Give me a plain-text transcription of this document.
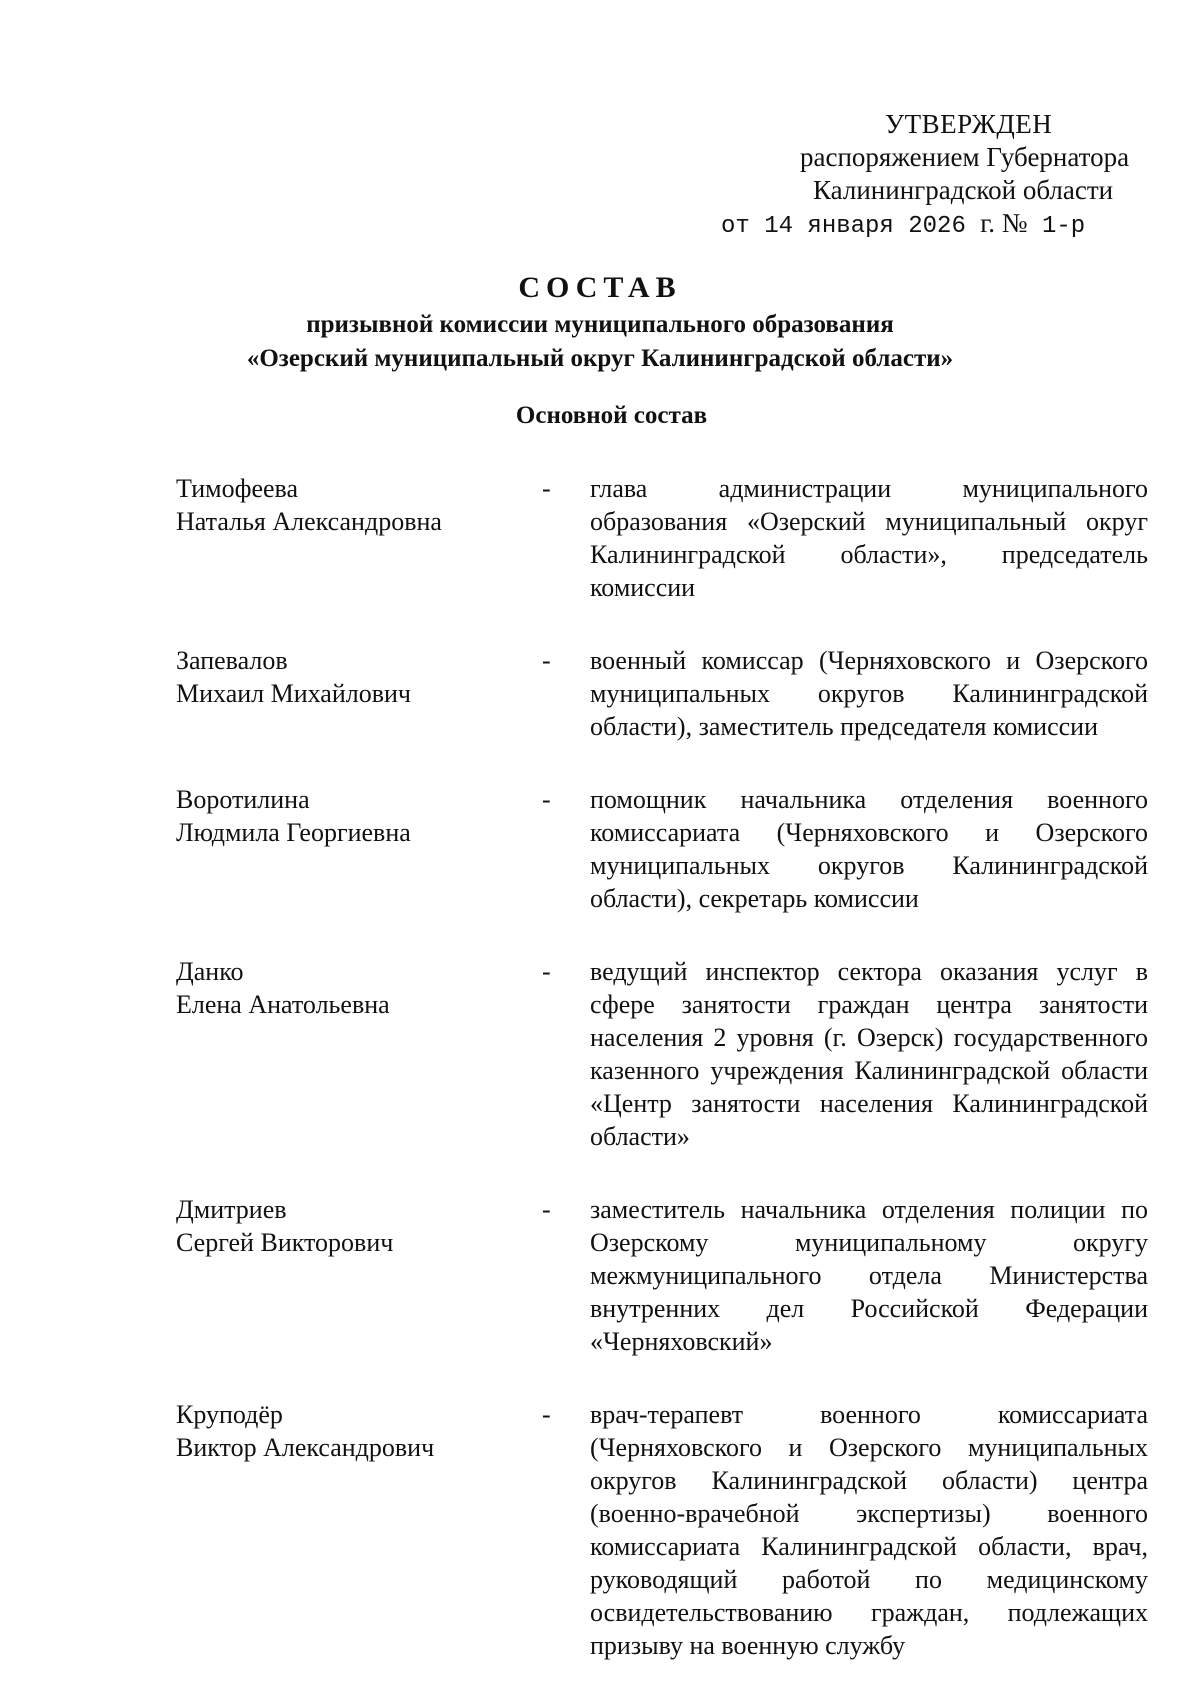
УТВЕРЖДЕН
распоряжением Губернатора
Калининградской области
от 14 января 2026 г. № 1-р
СОСТАВ
призывной комиссии муниципального образования
«Озерский муниципальный округ Калининградской области»
Основной состав
Тимофеева
Наталья Александровна
-	глава администрации муниципального образования «Озерский муниципальный округ Калининградской области», председатель комиссии
Запевалов
Михаил Михайлович
-	военный комиссар (Черняховского и Озерского муниципальных округов Калининградской области), заместитель председателя комиссии
Воротилина
Людмила Георгиевна
-	помощник начальника отделения военного комиссариата (Черняховского и Озерского муниципальных округов Калининградской области), секретарь комиссии
Данко
Елена Анатольевна
-	ведущий инспектор сектора оказания услуг в сфере занятости граждан центра занятости населения 2 уровня (г. Озерск) государственного казенного учреждения Калининградской области «Центр занятости населения Калининградской области»
Дмитриев
Сергей Викторович
-	заместитель начальника отделения полиции по Озерскому муниципальному округу межмуниципального отдела Министерства внутренних дел Российской Федерации «Черняховский»
Круподёр
Виктор Александрович
-	врач-терапевт военного комиссариата (Черняховского и Озерского муниципальных округов Калининградской области) центра (военно-врачебной экспертизы) военного комиссариата Калининградской области, врач, руководящий работой по медицинскому освидетельствованию граждан, подлежащих призыву на военную службу
